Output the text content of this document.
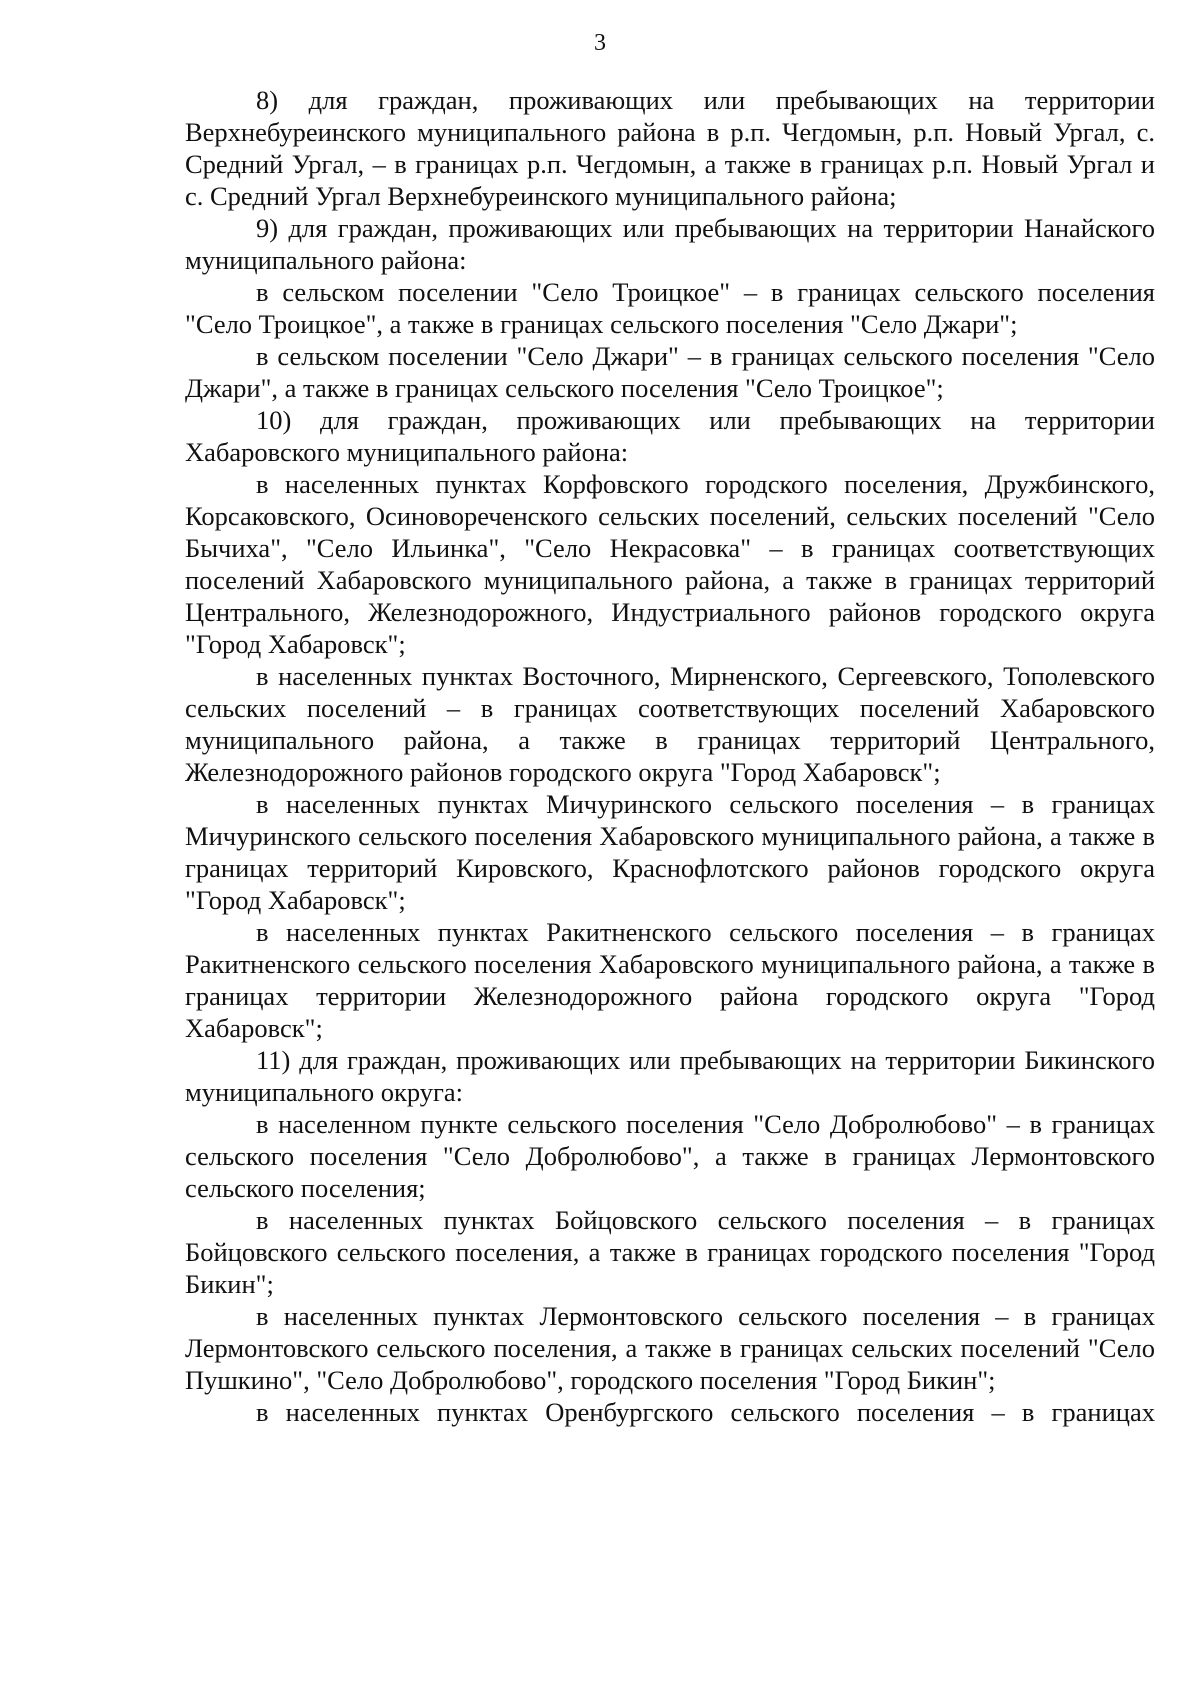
3

8) для граждан, проживающих или пребывающих на территории Верхнебуреинского муниципального района в р.п. Чегдомын, р.п. Новый Ургал, с. Средний Ургал, – в границах р.п. Чегдомын, а также в границах р.п. Новый Ургал и с. Средний Ургал Верхнебуреинского муниципального района;

9) для граждан, проживающих или пребывающих на территории Нанайского муниципального района:

в сельском поселении "Село Троицкое" – в границах сельского поселения "Село Троицкое", а также в границах сельского поселения "Село Джари";

в сельском поселении "Село Джари" – в границах сельского поселения "Село Джари", а также в границах сельского поселения "Село Троицкое";

10) для граждан, проживающих или пребывающих на территории Хабаровского муниципального района:

в населенных пунктах Корфовского городского поселения, Дружбинского, Корсаковского, Осиновореченского сельских поселений, сельских поселений "Село Бычиха", "Село Ильинка", "Село Некрасовка" – в границах соответствующих поселений Хабаровского муниципального района, а также в границах территорий Центрального, Железнодорожного, Индустриального районов городского округа "Город Хабаровск";

в населенных пунктах Восточного, Мирненского, Сергеевского, Тополевского сельских поселений – в границах соответствующих поселений Хабаровского муниципального района, а также в границах территорий Центрального, Железнодорожного районов городского округа "Город Хабаровск";

в населенных пунктах Мичуринского сельского поселения – в границах Мичуринского сельского поселения Хабаровского муниципального района, а также в границах территорий Кировского, Краснофлотского районов городского округа "Город Хабаровск";

в населенных пунктах Ракитненского сельского поселения – в границах Ракитненского сельского поселения Хабаровского муниципального района, а также в границах территории Железнодорожного района городского округа "Город Хабаровск";

11) для граждан, проживающих или пребывающих на территории Бикинского муниципального округа:

в населенном пункте сельского поселения "Село Добролюбово" – в границах сельского поселения "Село Добролюбово", а также в границах Лермонтовского сельского поселения;

в населенных пунктах Бойцовского сельского поселения – в границах Бойцовского сельского поселения, а также в границах городского поселения "Город Бикин";

в населенных пунктах Лермонтовского сельского поселения – в границах Лермонтовского сельского поселения, а также в границах сельских поселений "Село Пушкино", "Село Добролюбово", городского поселения "Город Бикин";

в населенных пунктах Оренбургского сельского поселения – в границах
